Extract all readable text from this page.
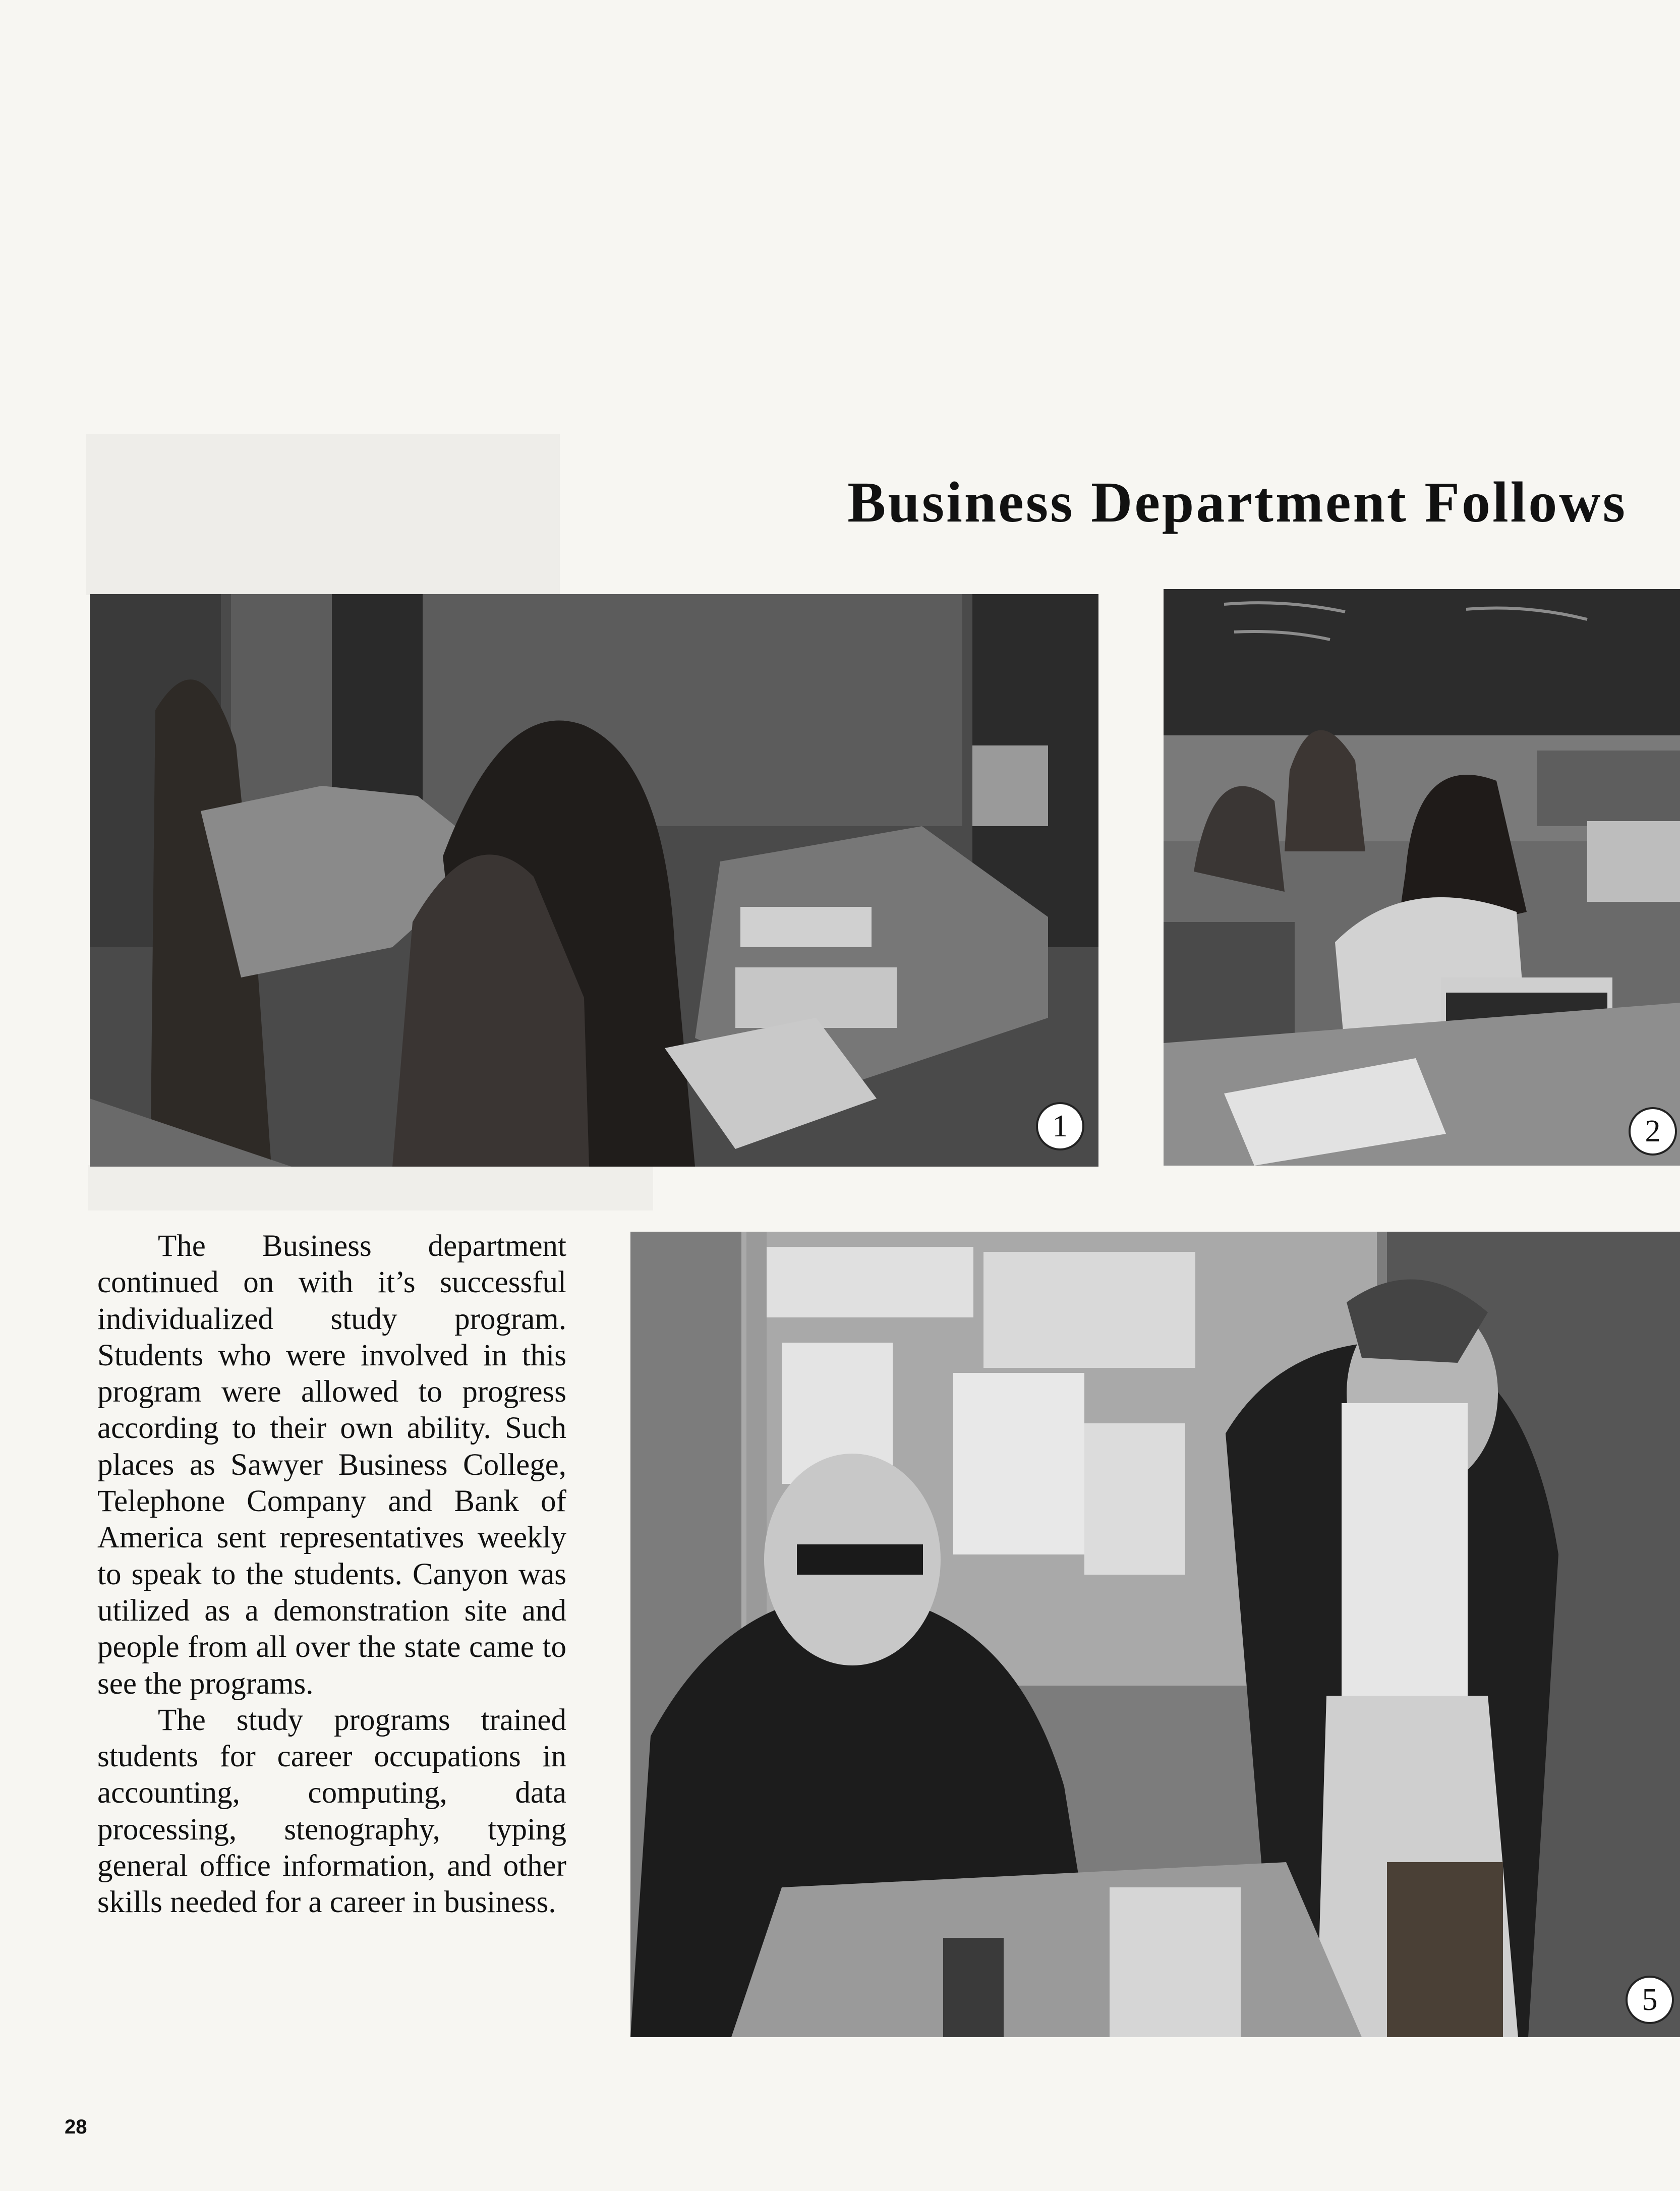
Business Department Follows
1	2
5

The Business department continued on with it’s successful individualized study program. Students who were involved in this program were allowed to progress according to their own ability. Such places as Sawyer Business College, Telephone Company and Bank of America sent representatives weekly to speak to the students. Canyon was utilized as a demonstration site and people from all over the state came to see the programs.

The study programs trained students for career occupations in accounting, computing, data processing, stenography, typing general office information, and other skills needed for a career in business.

28
